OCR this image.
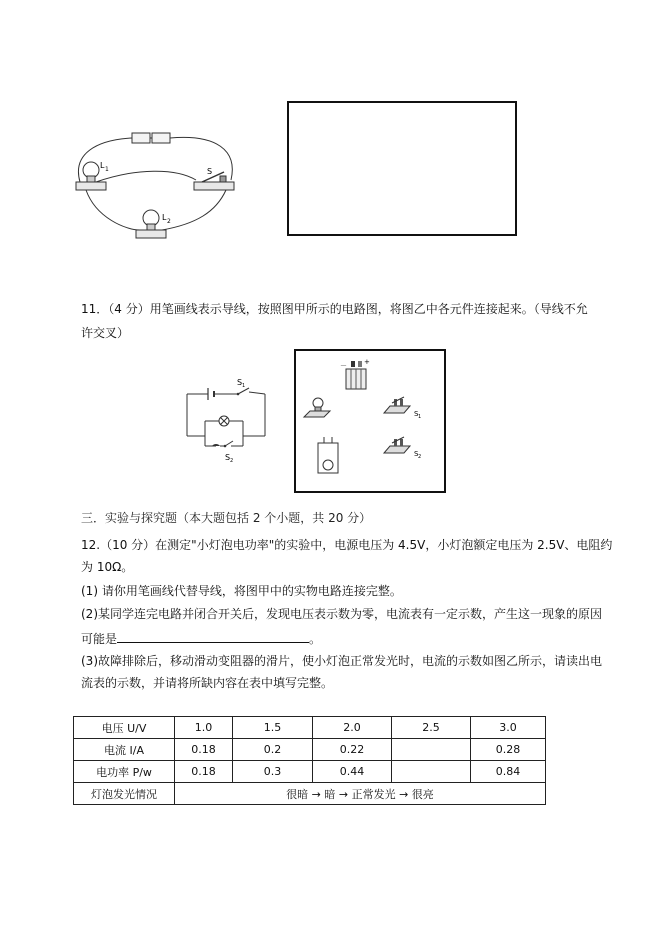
L 1
L 2
S
11．（4 分）用笔画线表示导线，按照图甲所示的电路图，将图乙中各元件连接起来。（导线不允
许交叉）
S 1
S 2
－ +
S 1
S 2
三．实验与探究题（本大题包括 2 个小题，共 20 分）
12.（10 分）在测定"小灯泡电功率"的实验中，电源电压为 4.5V，小灯泡额定电压为 2.5V、电阻约
为 10Ω。
(1) 请你用笔画线代替导线，将图甲中的实物电路连接完整。
(2)某同学连完电路并闭合开关后，发现电压表示数为零，电流表有一定示数，产生这一现象的原因
可能是	。
(3)故障排除后，移动滑动变阻器的滑片，使小灯泡正常发光时，电流的示数如图乙所示，请读出电
流表的示数，并请将所缺内容在表中填写完整。
电压 U/V	1.0	1.5	2.0	2.5	3.0
电流 I/A	0.18	0.2	0.22		0.28
电功率 P/w	0.18	0.3	0.44		0.84
灯泡发光情况	很暗 → 暗 → 正常发光 → 很亮				
